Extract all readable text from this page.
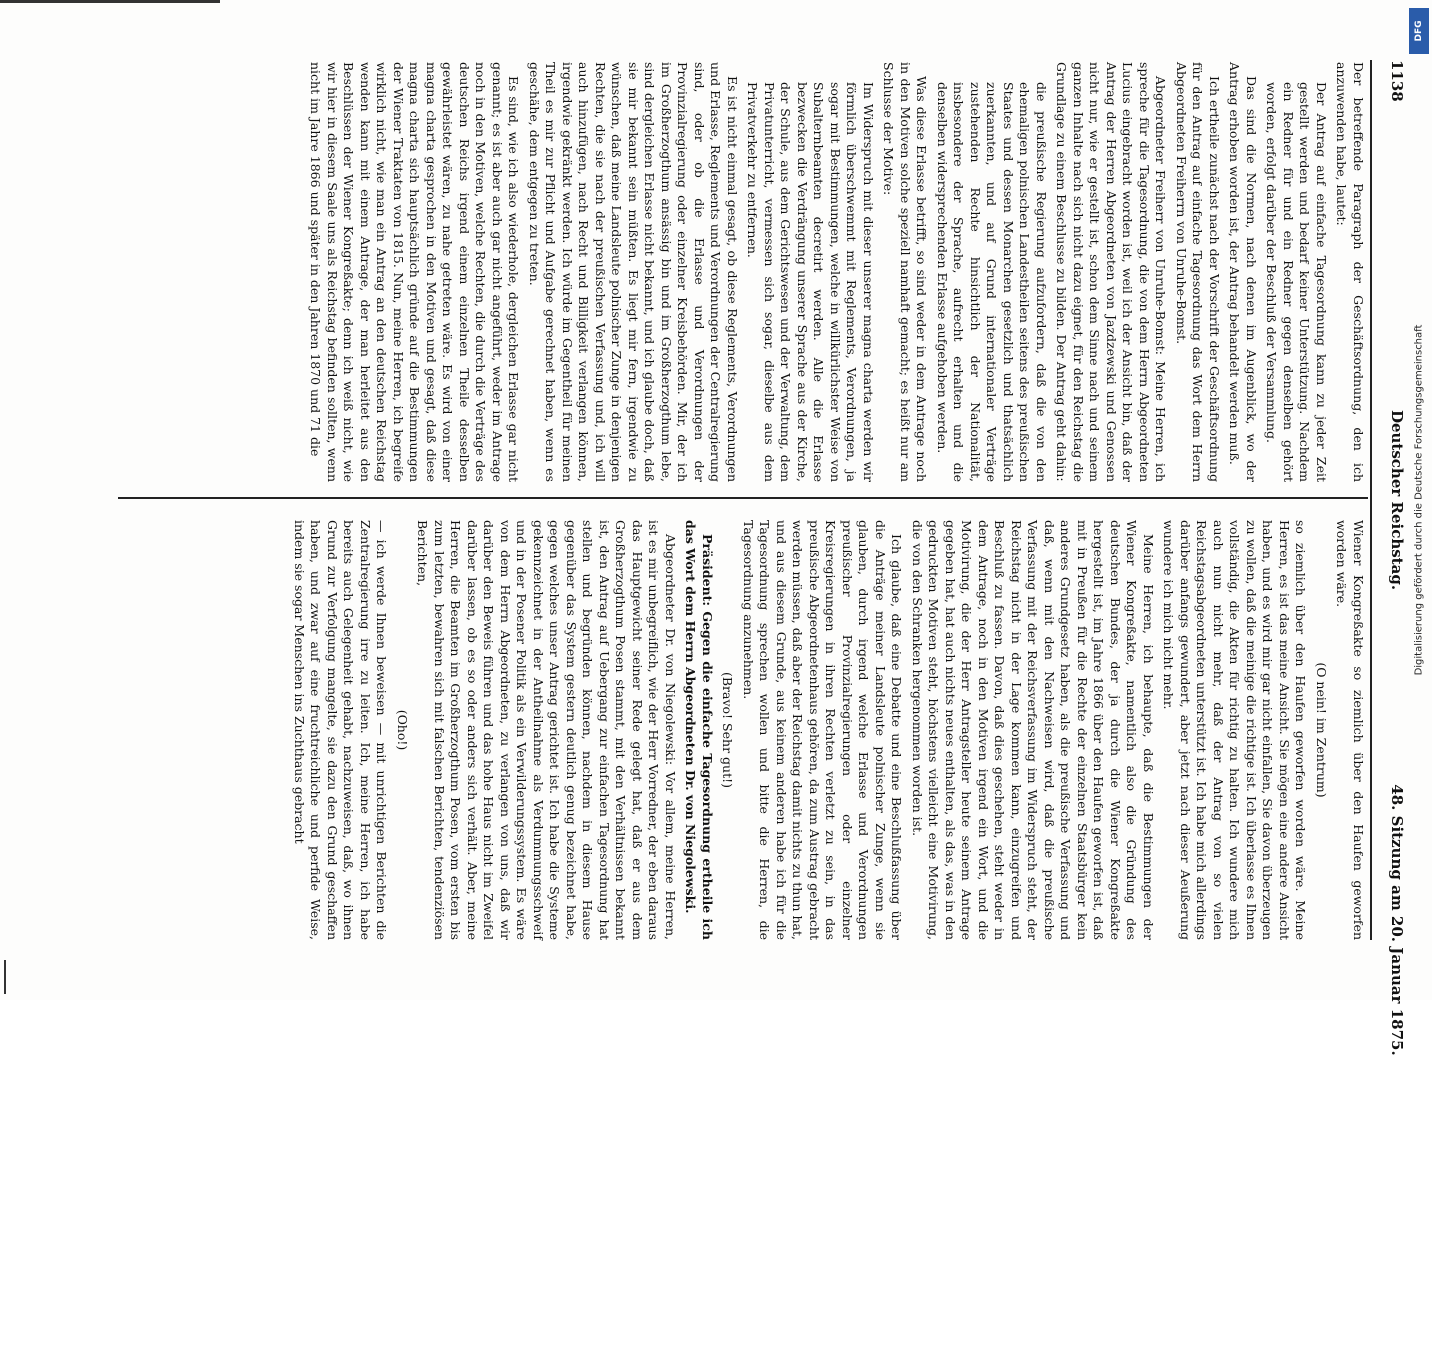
1138
Deutscher Reichstag.
48. Sitzung am 20. Januar 1875.

Der betreffende Paragraph der Geschäftsordnung, den ich anzuwenden habe, lautet:

Der Antrag auf einfache Tagesordnung kann zu jeder Zeit gestellt werden und bedarf keiner Unterstützung. Nachdem ein Redner für und ein Redner gegen denselben gehört worden, erfolgt darüber der Beschluß der Versammlung.

Das sind die Normen, nach denen im Augenblick, wo der Antrag erhoben worden ist, der Antrag behandelt werden muß.

Ich ertheile zunächst nach der Vorschrift der Geschäftsordnung für den Antrag auf einfache Tagesordnung das Wort dem Herrn Abgeordneten Freiherrn von Unruhe-Bomst.

Abgeordneter Freiherr von Unruhe-Bomst: Meine Herren, ich spreche für die Tagesordnung, die von dem Herrn Abgeordneten Lucius eingebracht worden ist, weil ich der Ansicht bin, daß der Antrag der Herren Abgeordneten von Jazdzewski und Genossen nicht nur, wie er gestellt ist, schon dem Sinne nach und seinem ganzen Inhalte nach sich nicht dazu eignet, für den Reichstag die Grundlage zu einem Beschlusse zu bilden. Der Antrag geht dahin:

die preußische Regierung aufzufordern, daß die von den ehemaligen polnischen Landestheilen seitens des preußischen Staates und dessen Monarchen gesetzlich und thatsächlich zuerkannten, und auf Grund internationaler Verträge zustehenden Rechte hinsichtlich der Nationalität, insbesondere der Sprache, aufrecht erhalten und die denselben widersprechenden Erlasse aufgehoben werden.

Was diese Erlasse betrifft, so sind weder in dem Antrage noch in den Motiven solche speziell namhaft gemacht; es heißt nur am Schlusse der Motive:

Im Widerspruch mit dieser unserer magna charta werden wir förmlich überschwemmt mit Reglements, Verordnungen, ja sogar mit Bestimmungen, welche in willkürlichster Weise von Subalternbeamten decretirt werden. Alle die Erlasse bezwecken die Verdrängung unserer Sprache aus der Kirche, der Schule, aus dem Gerichtswesen und der Verwaltung, dem Privatunterricht, vermessen sich sogar, dieselbe aus dem Privatverkehr zu entfernen.

Es ist nicht einmal gesagt, ob diese Reglements, Verordnungen und Erlasse, Reglements und Verordnungen der Centralregierung sind, oder ob die Erlasse und Verordnungen der Provinzialregierung oder einzelner Kreisbehörden. Mir, der ich im Großherzogthum ansässig bin und im Großherzogthum lebe, sind dergleichen Erlasse nicht bekannt, und ich glaube doch, daß sie mir bekannt sein müßten. Es liegt mir fern, irgendwie zu wünschen, daß meine Landsleute polnischer Zunge in denjenigen Rechten, die sie nach der preußischen Verfassung und, ich will auch hinzufügen, nach Recht und Billigkeit verlangen können, irgendwie gekränkt werden. Ich würde im Gegentheil für meinen Theil es mir zur Pflicht und Aufgabe gerechnet haben, wenn es geschähe, dem entgegen zu treten.

Es sind, wie ich also wiederhole, dergleichen Erlasse gar nicht genannt; es ist aber auch gar nicht angeführt, weder im Antrage noch in den Motiven, welche Rechten, die durch die Verträge des deutschen Reichs irgend einem einzelnen Theile desselben gewährleistet wären, zu nahe getreten wäre. Es wird von einer magna charta gesprochen in den Motiven und gesagt, daß diese magna charta sich hauptsächlich gründe auf die Bestimmungen der Wiener Traktaten von 1815. Nun, meine Herren, ich begreife wirklich nicht, wie man ein Antrag an den deutschen Reichstag wenden kann mit einem Antrage, der man herleitet aus den Beschlüssen der Wiener Kongreßakte; denn ich weiß nicht, wie wir hier in diesem Saale uns als Reichstag befinden sollten, wenn nicht im Jahre 1866 und später in den Jahren 1870 und 71 die

Wiener Kongreßakte so ziemlich über den Haufen geworfen worden wäre.

(O nein! im Zentrum)

so ziemlich über den Haufen geworfen worden wäre. Meine Herren, es ist das meine Ansicht. Sie mögen eine andere Ansicht haben, und es wird mir gar nicht einfallen, Sie davon überzeugen zu wollen, daß die meinige die richtige ist. Ich überlasse es Ihnen vollständig, die Akten für richtig zu halten. Ich wundere mich auch nun nicht mehr, daß der Antrag von so vielen Reichstagsabgeordneten unterstützt ist. Ich habe mich allerdings darüber anfangs gewundert, aber jetzt nach dieser Aeußerung wundere ich mich nicht mehr.

Meine Herren, ich behaupte, daß die Bestimmungen der Wiener Kongreßakte, namentlich also die Gründung des deutschen Bundes, der ja durch die Wiener Kongreßakte hergestellt ist, im Jahre 1866 über den Haufen geworfen ist, daß mit in Preußen für die Rechte der einzelnen Staatsbürger kein anderes Grundgesetz haben, als die preußische Verfassung und daß, wenn mit den Nachweisen wird, daß die preußische Verfassung mit der Reichsverfassung im Widerspruch steht, der Reichstag nicht in der Lage kommen kann, einzugreifen und Beschluß zu fassen. Davon, daß dies geschehen, steht weder in dem Antrage, noch in den Motiven irgend ein Wort, und die Motivirung, die der Herr Antragsteller heute seinem Antrage gegeben hat, hat auch nichts neues enthalten, als das, was in den gedruckten Motiven steht, höchstens vielleicht eine Motivirung, die von den Schranken hergenommen worden ist.

Ich glaube, daß eine Debatte und eine Beschlußfassung über die Anträge meiner Landsleute polnischer Zunge, wenn sie glauben, durch irgend welche Erlasse und Verordnungen preußischer Provinzialregierungen oder einzelner Kreisregierungen in ihren Rechten verletzt zu sein, in das preußische Abgeordnetenhaus gehören, da zum Austrag gebracht werden müssen, daß aber der Reichstag damit nichts zu thun hat, und aus diesem Grunde, aus keinem anderen habe ich für die Tagesordnung sprechen wollen und bitte die Herren, die Tagesordnung anzunehmen.

(Bravo! Sehr gut!)

Präsident: Gegen die einfache Tagesordnung ertheile ich das Wort dem Herrn Abgeordneten Dr. von Niegolewski.

Abgeordneter Dr. von Niegolewski: Vor allem, meine Herren, ist es mir unbegreiflich, wie der Herr Vorredner, der eben daraus das Hauptgewicht seiner Rede gelegt hat, daß er aus dem Großherzogthum Posen stammt, mit den Verhältnissen bekannt ist, den Antrag auf Uebergang zur einfachen Tagesordnung hat stellen und begründen können, nachdem in diesem Hause gegenüber das System gestern deutlich genug bezeichnet habe, gegen welches unser Antrag gerichtet ist. Ich habe die Systeme gekennzeichnet in der Antheilnahme als Verdummungsschweif und in der Posener Politik als ein Verwilderungssystem. Es wäre von dem Herrn Abgeordneten, zu verlangen von uns, daß wir darüber den Beweis führen und das hohe Haus nicht im Zweifel darüber lassen, ob es so oder anders sich verhält. Aber, meine Herren, die Beamten im Großherzogthum Posen, vom ersten bis zum letzten, bewahren sich mit falschen Berichten, tendenziösen Berichten,

(Oho!)

— ich werde Ihnen beweisen — mit unrichtigen Berichten die Zentralregierung irre zu leiten. Ich, meine Herren, ich habe bereits auch Gelegenheit gehabt, nachzuweisen, daß, wo ihnen Grund zur Verfolgung mangelte, sie dazu den Grund geschaffen haben, und zwar auf eine fruchtreichliche und perfide Weise, indem sie sogar Menschen ins Zuchthaus gebracht

Digitalisierung gefördert durch die Deutsche Forschungsgemeinschaft
DFG
